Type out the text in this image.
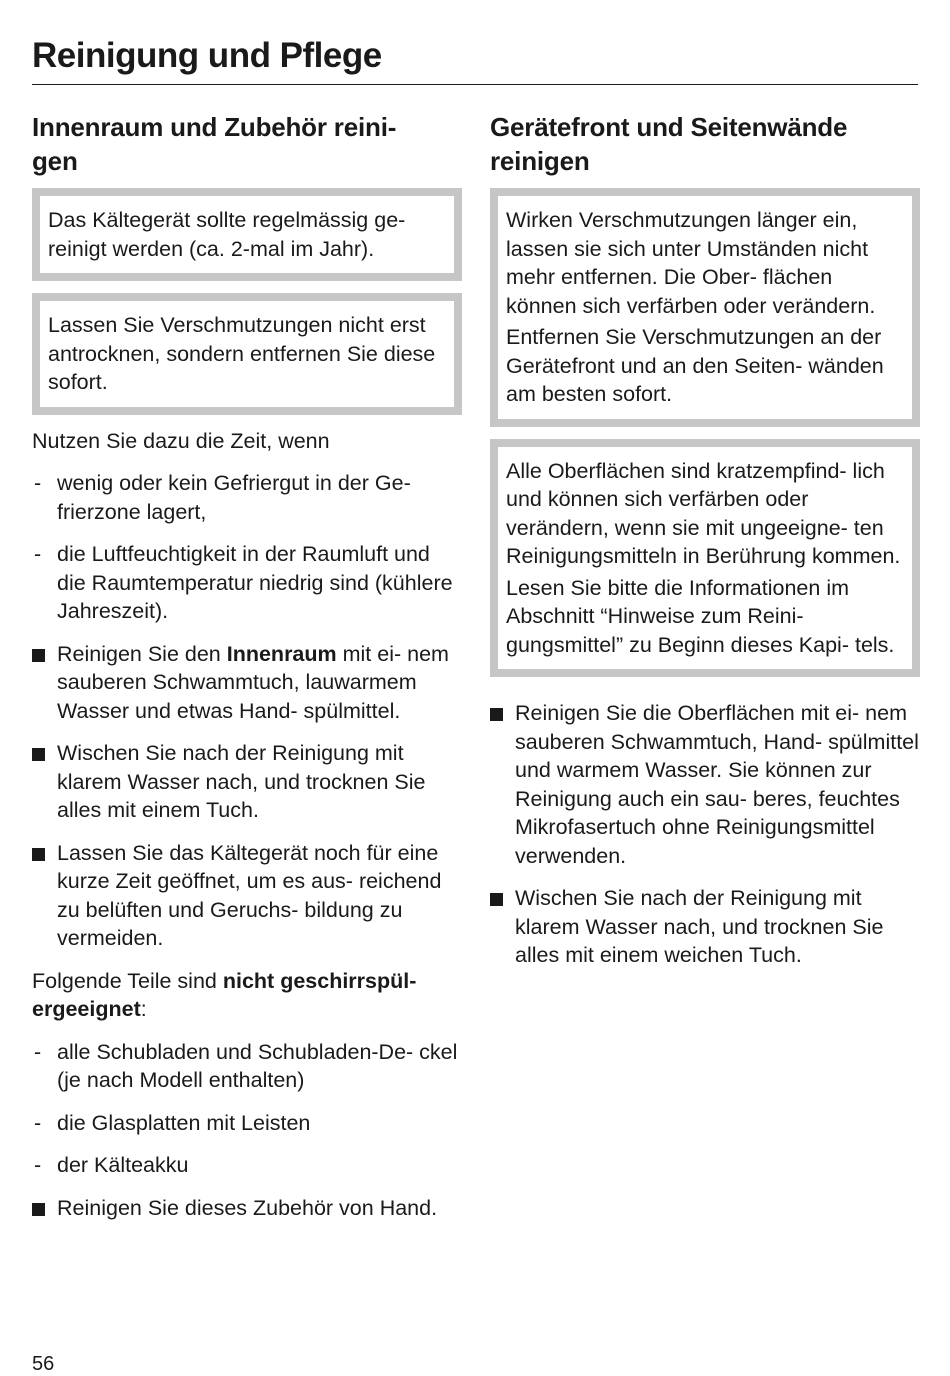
Reinigung und Pflege
Innenraum und Zubehör reini-
gen

Das Kältegerät sollte regelmässig ge- reinigt werden (ca. 2-mal im Jahr).

Lassen Sie Verschmutzungen nicht erst antrocknen, sondern entfernen Sie diese sofort.

Nutzen Sie dazu die Zeit, wenn

- wenig oder kein Gefriergut in der Ge- frierzone lagert,
- die Luftfeuchtigkeit in der Raumluft und die Raumtemperatur niedrig sind (kühlere Jahreszeit).
Reinigen Sie den Innenraum mit ei- nem sauberen Schwammtuch, lauwarmem Wasser und etwas Hand- spülmittel.
Wischen Sie nach der Reinigung mit klarem Wasser nach, und trocknen Sie alles mit einem Tuch.
Lassen Sie das Kältegerät noch für eine kurze Zeit geöffnet, um es aus- reichend zu belüften und Geruchs- bildung zu vermeiden.

Folgende Teile sind nicht geschirrspül- ergeeignet:

- alle Schubladen und Schubladen-De- ckel (je nach Modell enthalten)
- die Glasplatten mit Leisten
- der Kälteakku
Reinigen Sie dieses Zubehör von Hand.
Gerätefront und Seitenwände
reinigen

Wirken Verschmutzungen länger ein, lassen sie sich unter Umständen nicht mehr entfernen. Die Ober- flächen können sich verfärben oder verändern.

Entfernen Sie Verschmutzungen an der Gerätefront und an den Seiten- wänden am besten sofort.

Alle Oberflächen sind kratzempfind- lich und können sich verfärben oder verändern, wenn sie mit ungeeigne- ten Reinigungsmitteln in Berührung kommen.

Lesen Sie bitte die Informationen im Abschnitt “Hinweise zum Reini- gungsmittel” zu Beginn dieses Kapi- tels.

Reinigen Sie die Oberflächen mit ei- nem sauberen Schwammtuch, Hand- spülmittel und warmem Wasser. Sie können zur Reinigung auch ein sau- beres, feuchtes Mikrofasertuch ohne Reinigungsmittel verwenden.
Wischen Sie nach der Reinigung mit klarem Wasser nach, und trocknen Sie alles mit einem weichen Tuch.
56
